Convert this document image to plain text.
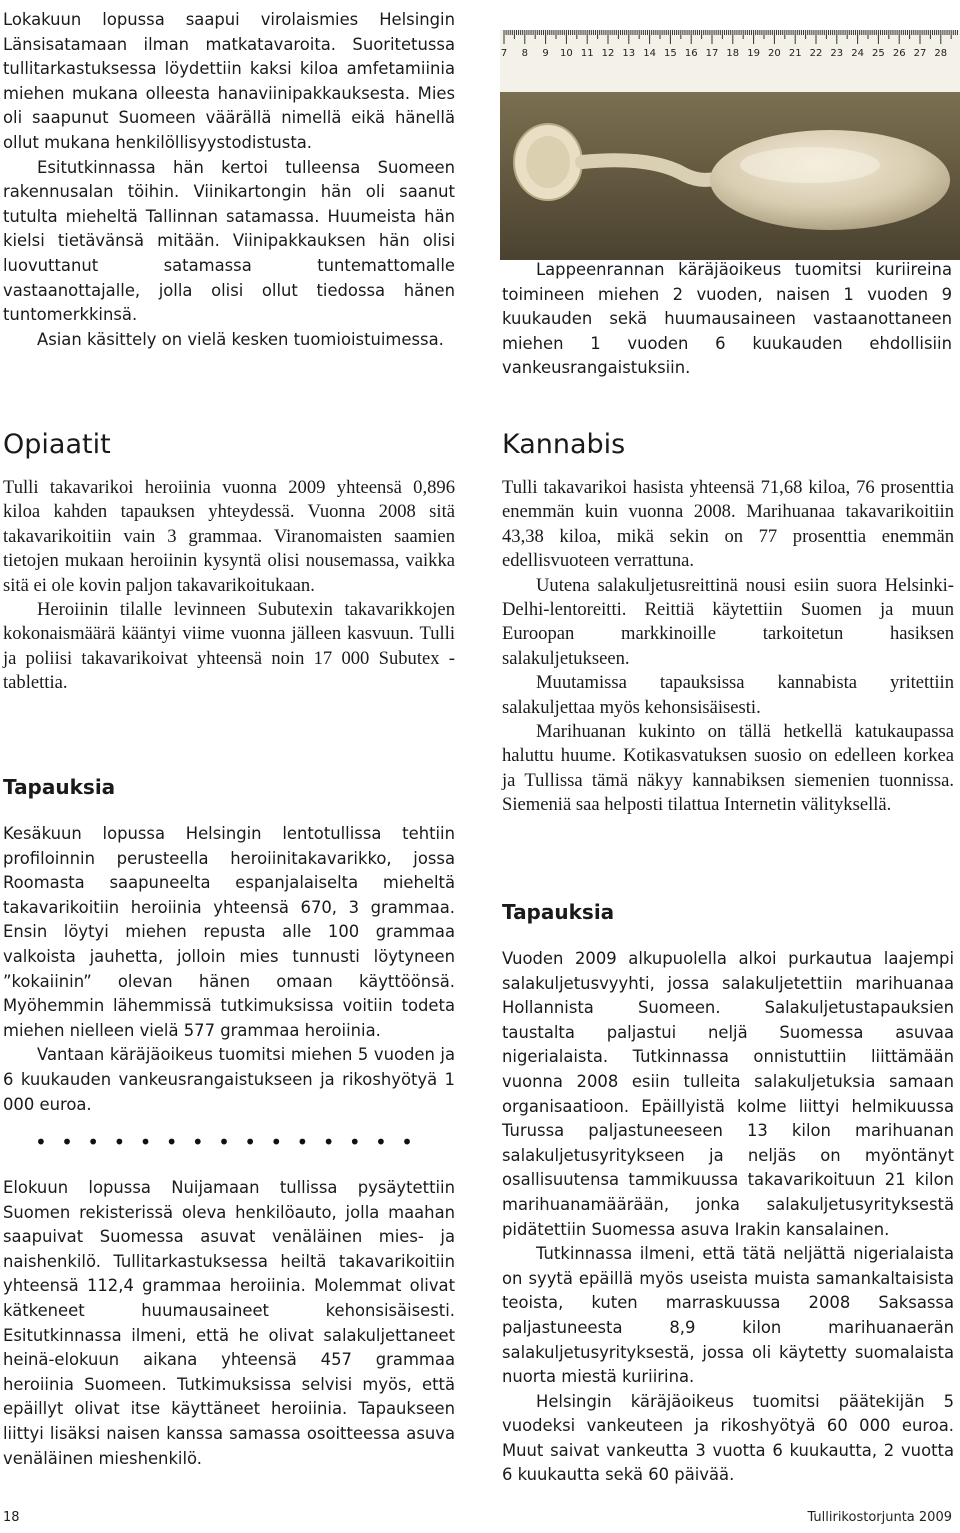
Lokakuun lopussa saapui virolaismies Helsingin Länsisatamaan ilman matkatavaroita. Suoritetussa tullitarkastuksessa löydettiin kaksi kiloa amfetamiinia miehen mukana olleesta hanaviinipakkauksesta. Mies oli saapunut Suomeen väärällä nimellä eikä hänellä ollut mukana henkilöllisyystodistusta.

Esitutkinnassa hän kertoi tulleensa Suomeen rakennusalan töihin. Viinikartongin hän oli saanut tutulta mieheltä Tallinnan satamassa. Huumeista hän kielsi tietävänsä mitään. Viinipakkauksen hän olisi luovuttanut satamassa tuntemattomalle vastaanottajalle, jolla olisi ollut tiedossa hänen tuntomerkkinsä.

Asian käsittely on vielä kesken tuomioistuimessa.

7 8 9 10 11 12 13 14 15 16 17 18 19 20 21 22 23 24 25 26 27 28

Lappeenrannan käräjäoikeus tuomitsi kuriireina toimineen miehen 2 vuoden, naisen 1 vuoden 9 kuukauden sekä huumausaineen vastaanottaneen miehen 1 vuoden 6 kuukauden ehdollisiin vankeusrangaistuksiin.

Opiaatit

Tulli takavarikoi heroiinia vuonna 2009 yhteensä 0,896 kiloa kahden tapauksen yhteydessä. Vuonna 2008 sitä takavarikoitiin vain 3 grammaa. Viranomaisten saamien tietojen mukaan heroiinin kysyntä olisi nousemassa, vaikka sitä ei ole kovin paljon takavarikoitukaan.

Heroiinin tilalle levinneen Subutexin takavarikkojen kokonaismäärä kääntyi viime vuonna jälleen kasvuun. Tulli ja poliisi takavarikoivat yhteensä noin 17 000 Subutex -tablettia.

Tapauksia

Kesäkuun lopussa Helsingin lentotullissa tehtiin profiloinnin perusteella heroiinitakavarikko, jossa Roomasta saapuneelta espanjalaiselta mieheltä takavarikoitiin heroiinia yhteensä 670, 3 grammaa. Ensin löytyi miehen repusta alle 100 grammaa valkoista jauhetta, jolloin mies tunnusti löytyneen ”kokaiinin” olevan hänen omaan käyttöönsä. Myöhemmin lähemmissä tutkimuksissa voitiin todeta miehen nielleen vielä 577 grammaa heroiinia.

Vantaan käräjäoikeus tuomitsi miehen 5 vuoden ja 6 kuukauden vankeusrangaistukseen ja rikoshyötyä 1 000 euroa.

• • • • • • • • • • • • • • •

Elokuun lopussa Nuijamaan tullissa pysäytettiin Suomen rekisterissä oleva henkilöauto, jolla maahan saapuivat Suomessa asuvat venäläinen mies- ja naishenkilö. Tullitarkastuksessa heiltä takavarikoitiin yhteensä 112,4 grammaa heroiinia. Molemmat olivat kätkeneet huumausaineet kehonsisäisesti. Esitutkinnassa ilmeni, että he olivat salakuljettaneet heinä-elokuun aikana yhteensä 457 grammaa heroiinia Suomeen. Tutkimuksissa selvisi myös, että epäillyt olivat itse käyttäneet heroiinia. Tapaukseen liittyi lisäksi naisen kanssa samassa osoitteessa asuva venäläinen mieshenkilö.

Kannabis

Tulli takavarikoi hasista yhteensä 71,68 kiloa, 76 prosenttia enemmän kuin vuonna 2008. Marihuanaa takavarikoitiin 43,38 kiloa, mikä sekin on 77 prosenttia enemmän edellisvuoteen verrattuna.

Uutena salakuljetusreittinä nousi esiin suora Helsinki-Delhi-lentoreitti. Reittiä käytettiin Suomen ja muun Euroopan markkinoille tarkoitetun hasiksen salakuljetukseen.

Muutamissa tapauksissa kannabista yritettiin salakuljettaa myös kehonsisäisesti.

Marihuanan kukinto on tällä hetkellä katukaupassa haluttu huume. Kotikasvatuksen suosio on edelleen korkea ja Tullissa tämä näkyy kannabiksen siemenien tuonnissa. Siemeniä saa helposti tilattua Internetin välityksellä.

Tapauksia

Vuoden 2009 alkupuolella alkoi purkautua laajempi salakuljetusvyyhti, jossa salakuljetettiin marihuanaa Hollannista Suomeen. Salakuljetustapauksien taustalta paljastui neljä Suomessa asuvaa nigerialaista. Tutkinnassa onnistuttiin liittämään vuonna 2008 esiin tulleita salakuljetuksia samaan organisaatioon. Epäillyistä kolme liittyi helmikuussa Turussa paljastuneeseen 13 kilon marihuanan salakuljetusyritykseen ja neljäs on myöntänyt osallisuutensa tammikuussa takavarikoituun 21 kilon marihuanamäärään, jonka salakuljetusyrityksestä pidätettiin Suomessa asuva Irakin kansalainen.

Tutkinnassa ilmeni, että tätä neljättä nigerialaista on syytä epäillä myös useista muista samankaltaisista teoista, kuten marraskuussa 2008 Saksassa paljastuneesta 8,9 kilon marihuanaerän salakuljetusyrityksestä, jossa oli käytetty suomalaista nuorta miestä kuriirina.

Helsingin käräjäoikeus tuomitsi päätekijän 5 vuodeksi vankeuteen ja rikoshyötyä 60 000 euroa. Muut saivat vankeutta 3 vuotta 6 kuukautta, 2 vuotta 6 kuukautta sekä 60 päivää.

18	Tullirikostorjunta 2009
